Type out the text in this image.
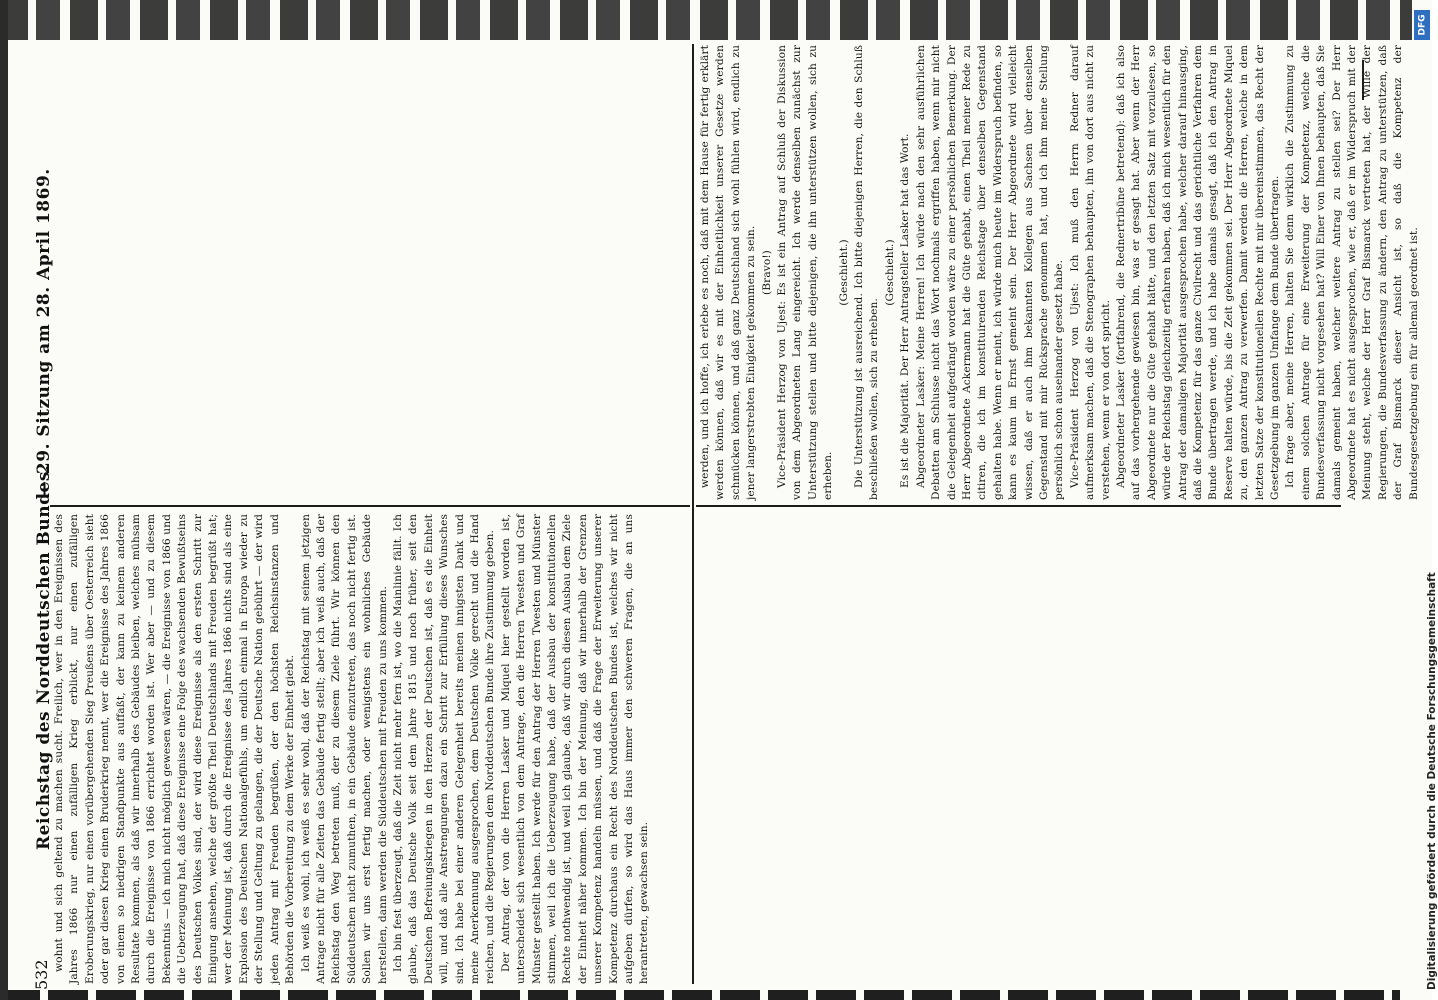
532
Reichstag des Norddeutschen Bundes.
— 29. Sitzung am 28. April 1869.

wohnt und sich geltend zu machen sucht. Freilich, wer in den Ereignissen des Jahres 1866 nur einen zufälligen Krieg erblickt, nur einen zufälligen Eroberungskrieg, nur einen vorübergehenden Sieg Preußens über Oesterreich sieht oder gar diesen Krieg einen Bruderkrieg nennt, wer die Ereignisse des Jahres 1866 von einem so niedrigen Standpunkte aus auffaßt, der kann zu keinem anderen Resultate kommen, als daß wir innerhalb des Gebäudes bleiben, welches mühsam durch die Ereignisse von 1866 errichtet worden ist. Wer aber — und zu diesem Bekenntnis — ich mich nicht möglich gewesen wären, — die Ereignisse von 1866 und die Ueberzeugung hat, daß diese Ereignisse eine Folge des wachsenden Bewußtseins des Deutschen Volkes sind, der wird diese Ereignisse als den ersten Schritt zur Einigung ansehen, welche der größte Theil Deutschlands mit Freuden begrüßt hat; wer der Meinung ist, daß durch die Ereignisse des Jahres 1866 nichts sind als eine Explosion des Deutschen Nationalgefühls, um endlich einmal in Europa wieder zu der Stellung und Geltung zu gelangen, die der Deutsche Nation gebührt — der wird jeden Antrag mit Freuden begrüßen, der den höchsten Reichsinstanzen und Behörden die Vorbereitung zu dem Werke der Einheit giebt. Ich weiß es wohl, ich weiß es sehr wohl, daß der Reichstag mit seinem jetzigen Antrage nicht für alle Zeiten das Gebäude fertig stellt; aber ich weiß auch, daß der Reichstag den Weg betreten muß, der zu diesem Ziele führt. Wir können den Süddeutschen nicht zumuthen, in ein Gebäude einzutreten, das noch nicht fertig ist. Sollen wir uns erst fertig machen, oder wenigstens ein wohnliches Gebäude herstellen, dann werden die Süddeutschen mit Freuden zu uns kommen. Ich bin fest überzeugt, daß die Zeit nicht mehr fern ist, wo die Mainlinie fällt. Ich glaube, daß das Deutsche Volk seit dem Jahre 1815 und noch früher, seit den Deutschen Befreiungskriegen in den Herzen der Deutschen ist, daß es die Einheit will, und daß alle Anstrengungen dazu ein Schritt zur Erfüllung dieses Wunsches sind. Ich habe bei einer anderen Gelegenheit bereits meinen innigsten Dank und meine Anerkennung ausgesprochen, dem Deutschen Volke gerecht und die Hand reichen, und die Regierungen dem Norddeutschen Bunde ihre Zustimmung geben. Der Antrag, der von die Herren Lasker und Miquel hier gestellt worden ist, unterscheidet sich wesentlich von dem Antrage, den die Herren Twesten und Graf Münster gestellt haben. Ich werde für den Antrag der Herren Twesten und Münster stimmen, weil ich die Ueberzeugung habe, daß der Ausbau der konstitutionellen Rechte nothwendig ist, und weil ich glaube, daß wir durch diesen Ausbau dem Ziele der Einheit näher kommen. Ich bin der Meinung, daß wir innerhalb der Grenzen unserer Kompetenz handeln müssen, und daß die Frage der Erweiterung unserer Kompetenz durchaus ein Recht des Norddeutschen Bundes ist, welches wir nicht aufgeben dürfen, so wird das Haus immer den schweren Fragen, die an uns herantreten, gewachsen sein.

werden, und ich hoffe, ich erlebe es noch, daß mit dem Hause für fertig erklärt werden können, daß wir es mit der Einheitlichkeit unserer Gesetze werden schmücken können, und daß ganz Deutschland sich wohl fühlen wird, endlich zu jener langerstrebten Einigkeit gekommen zu sein. (Bravo!) Vice-Präsident Herzog von Ujest: Es ist ein Antrag auf Schluß der Diskussion von dem Abgeordneten Lang eingereicht. Ich werde denselben zunächst zur Unterstützung stellen und bitte diejenigen, die ihn unterstützen wollen, sich zu erheben.

(Geschieht.) Die Unterstützung ist ausreichend. Ich bitte diejenigen Herren, die den Schluß beschließen wollen, sich zu erheben.

(Geschieht.) Es ist die Majorität. Der Herr Antragsteller Lasker hat das Wort. Abgeordneter Lasker: Meine Herren! Ich würde nach den sehr ausführlichen Debatten am Schlusse nicht das Wort nochmals ergriffen haben, wenn mir nicht die Gelegenheit aufgedrängt worden wäre zu einer persönlichen Bemerkung. Der Herr Abgeordnete Ackermann hat die Güte gehabt, einen Theil meiner Rede zu citiren, die ich im konstituirenden Reichstage über denselben Gegenstand gehalten habe. Wenn er meint, ich würde mich heute im Widerspruch befinden, so kann es kaum im Ernst gemeint sein. Der Herr Abgeordnete wird vielleicht wissen, daß er auch ihm bekannten Kollegen aus Sachsen über denselben Gegenstand mit mir Rücksprache genommen hat, und ich ihm meine Stellung persönlich schon auseinander gesetzt habe. Vice-Präsident Herzog von Ujest: Ich muß den Herrn Redner darauf aufmerksam machen, daß die Stenographen behaupten, ihn von dort aus nicht zu verstehen, wenn er von dort spricht. Abgeordneter Lasker (fortfahrend, die Rednertribüne betretend): daß ich also auf das vorhergehende gewiesen bin, was er gesagt hat. Aber wenn der Herr Abgeordnete nur die Güte gehabt hätte, und den letzten Satz mit vorzulesen, so würde der Reichstag gleichzeitig erfahren haben, daß ich mich wesentlich für den Antrag der damaligen Majorität ausgesprochen habe, welcher darauf hinausging, daß die Kompetenz für das ganze Civilrecht und das gerichtliche Verfahren dem Bunde übertragen werde, und ich habe damals gesagt, daß ich den Antrag in Reserve halten würde, bis die Zeit gekommen sei. Der Herr Abgeordnete Miquel zu, den ganzen Antrag zu verwerfen. Damit werden die Herren, welche in dem letzten Satze der konstitutionellen Rechte mit mir übereinstimmen, das Recht der Gesetzgebung im ganzen Umfange dem Bunde übertragen. Ich frage aber, meine Herren, halten Sie denn wirklich die Zustimmung zu einem solchen Antrage für eine Erweiterung der Kompetenz, welche die Bundesverfassung nicht vorgesehen hat? Will Einer von Ihnen behaupten, daß Sie damals gemeint haben, welcher weitere Antrag zu stellen sei? Der Herr Abgeordnete hat es nicht ausgesprochen, wie er, daß er im Widerspruch mit der Meinung steht, welche der Herr Graf Bismarck vertreten hat, der Wille der Regierungen, die Bundesverfassung zu ändern, den Antrag zu unterstützen, daß der Graf Bismarck dieser Ansicht ist, so daß die Kompetenz der Bundesgesetzgebung ein für allemal geordnet ist.

DFG
Digitalisierung gefördert durch die Deutsche Forschungsgemeinschaft
